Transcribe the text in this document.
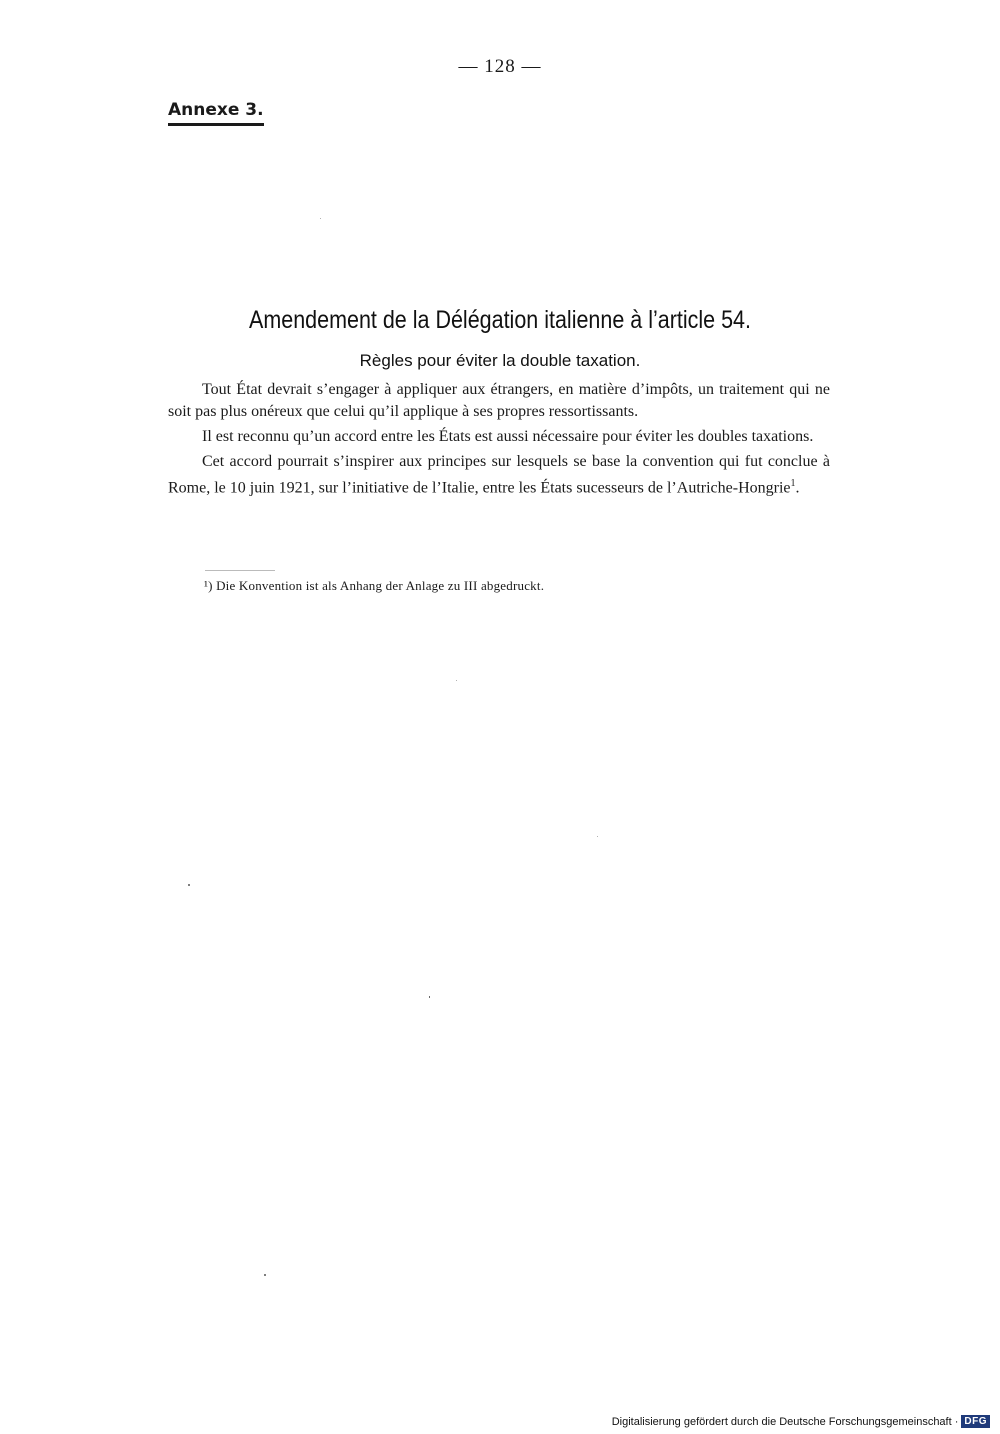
— 128 —
Annexe 3.
Amendement de la Délégation italienne à l’article 54.
Règles pour éviter la double taxation.

Tout État devrait s’engager à appliquer aux étrangers, en matière d’impôts, un traitement qui ne soit pas plus onéreux que celui qu’il applique à ses propres ressortissants.

Il est reconnu qu’un accord entre les États est aussi nécessaire pour éviter les doubles taxations.

Cet accord pourrait s’inspirer aux principes sur lesquels se base la convention qui fut conclue à Rome, le 10 juin 1921, sur l’initiative de l’Italie, entre les États sucesseurs de l’Autriche-Hongrie$^1$.

¹) Die Konvention ist als Anhang der Anlage zu III abgedruckt.
Digitalisierung gefördert durch die Deutsche Forschungsgemeinschaft · DFG
